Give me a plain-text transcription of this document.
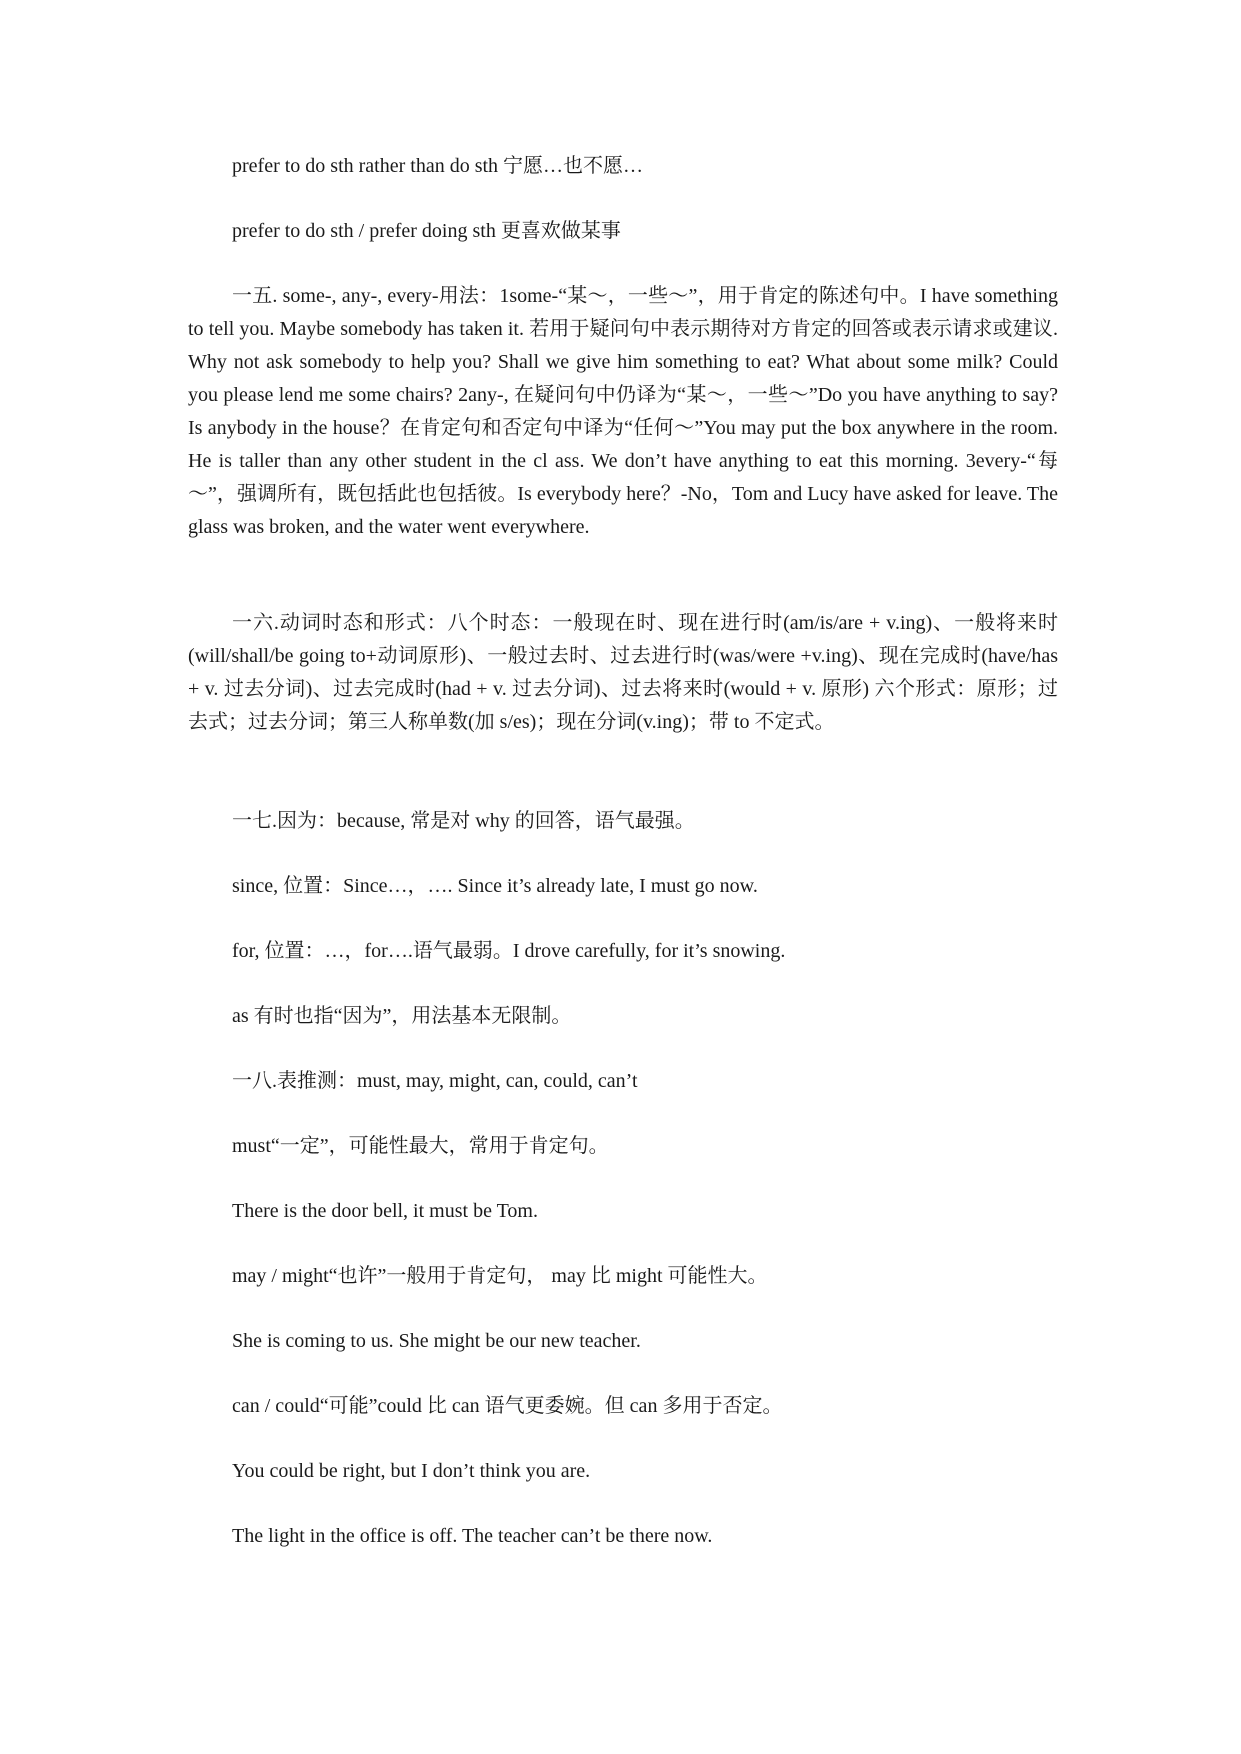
prefer to do sth rather than do sth 宁愿…也不愿…

prefer to do sth / prefer doing sth 更喜欢做某事

一五. some-, any-, every-用法：1some-“某～，一些～”，用于肯定的陈述句中。I have something to tell you. Maybe somebody has taken it. 若用于疑问句中表示期待对方肯定的回答或表示请求或建议. Why not ask somebody to help you? Shall we give him something to eat? What about some milk? Could you please lend me some chairs? 2any-, 在疑问句中仍译为“某～，一些～”Do you have anything to say? Is anybody in the house？在肯定句和否定句中译为“任何～”You may put the box anywhere in the room. He is taller than any other student in the cl ass. We don’t have anything to eat this morning. 3every-“每～”，强调所有，既包括此也包括彼。Is everybody here？-No，Tom and Lucy have asked for leave. The glass was broken, and the water went everywhere.

一六.动词时态和形式：八个时态：一般现在时、现在进行时(am/is/are + v.ing)、一般将来时(will/shall/be going to+动词原形)、一般过去时、过去进行时(was/were +v.ing)、现在完成时(have/has + v. 过去分词)、过去完成时(had + v. 过去分词)、过去将来时(would + v. 原形) 六个形式：原形；过去式；过去分词；第三人称单数(加 s/es)；现在分词(v.ing)；带 to 不定式。

一七.因为：because, 常是对 why 的回答，语气最强。

since, 位置：Since…，…. Since it’s already late, I must go now.

for, 位置：…，for….语气最弱。I drove carefully, for it’s snowing.

as 有时也指“因为”，用法基本无限制。

一八.表推测：must, may, might, can, could, can’t

must“一定”，可能性最大，常用于肯定句。

There is the door bell, it must be Tom.

may / might“也许”一般用于肯定句， may 比 might 可能性大。

She is coming to us. She might be our new teacher.

can / could“可能”could 比 can 语气更委婉。但 can 多用于否定。

You could be right, but I don’t think you are.

The light in the office is off. The teacher can’t be there now.
